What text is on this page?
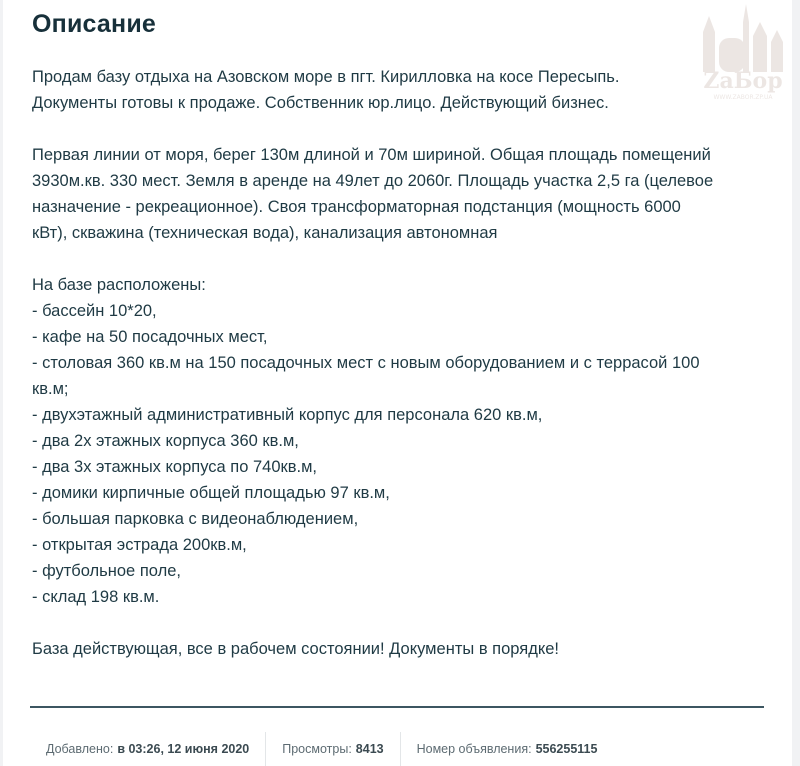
Описание
ZаБор
WWW.ZABOR.ZP.UA

Продам базу отдыха на Азовском море в пгт. Кирилловка на косе Пересыпь.
Документы готовы к продаже. Собственник юр.лицо. Действующий бизнес.

Первая линии от моря, берег 130м длиной и 70м шириной. Общая площадь помещений
3930м.кв. 330 мест. Земля в аренде на 49лет до 2060г. Площадь участка 2,5 га (целевое
назначение - рекреационное). Своя трансформаторная подстанция (мощность 6000
кВт), скважина (техническая вода), канализация автономная

На базе расположены:
- бассейн 10*20,
- кафе на 50 посадочных мест,
- столовая 360 кв.м на 150 посадочных мест с новым оборудованием и с террасой 100
кв.м;
- двухэтажный административный корпус для персонала 620 кв.м,
- два 2х этажных корпуса 360 кв.м,
- два 3х этажных корпуса по 740кв.м,
- домики кирпичные общей площадью 97 кв.м,
- большая парковка с видеонаблюдением,
- открытая эстрада 200кв.м,
- футбольное поле,
- склад 198 кв.м.

База действующая, все в рабочем состоянии! Документы в порядке!

Добавлено: в 03:26, 12 июня 2020	Просмотры: 8413	Номер объявления: 556255115
